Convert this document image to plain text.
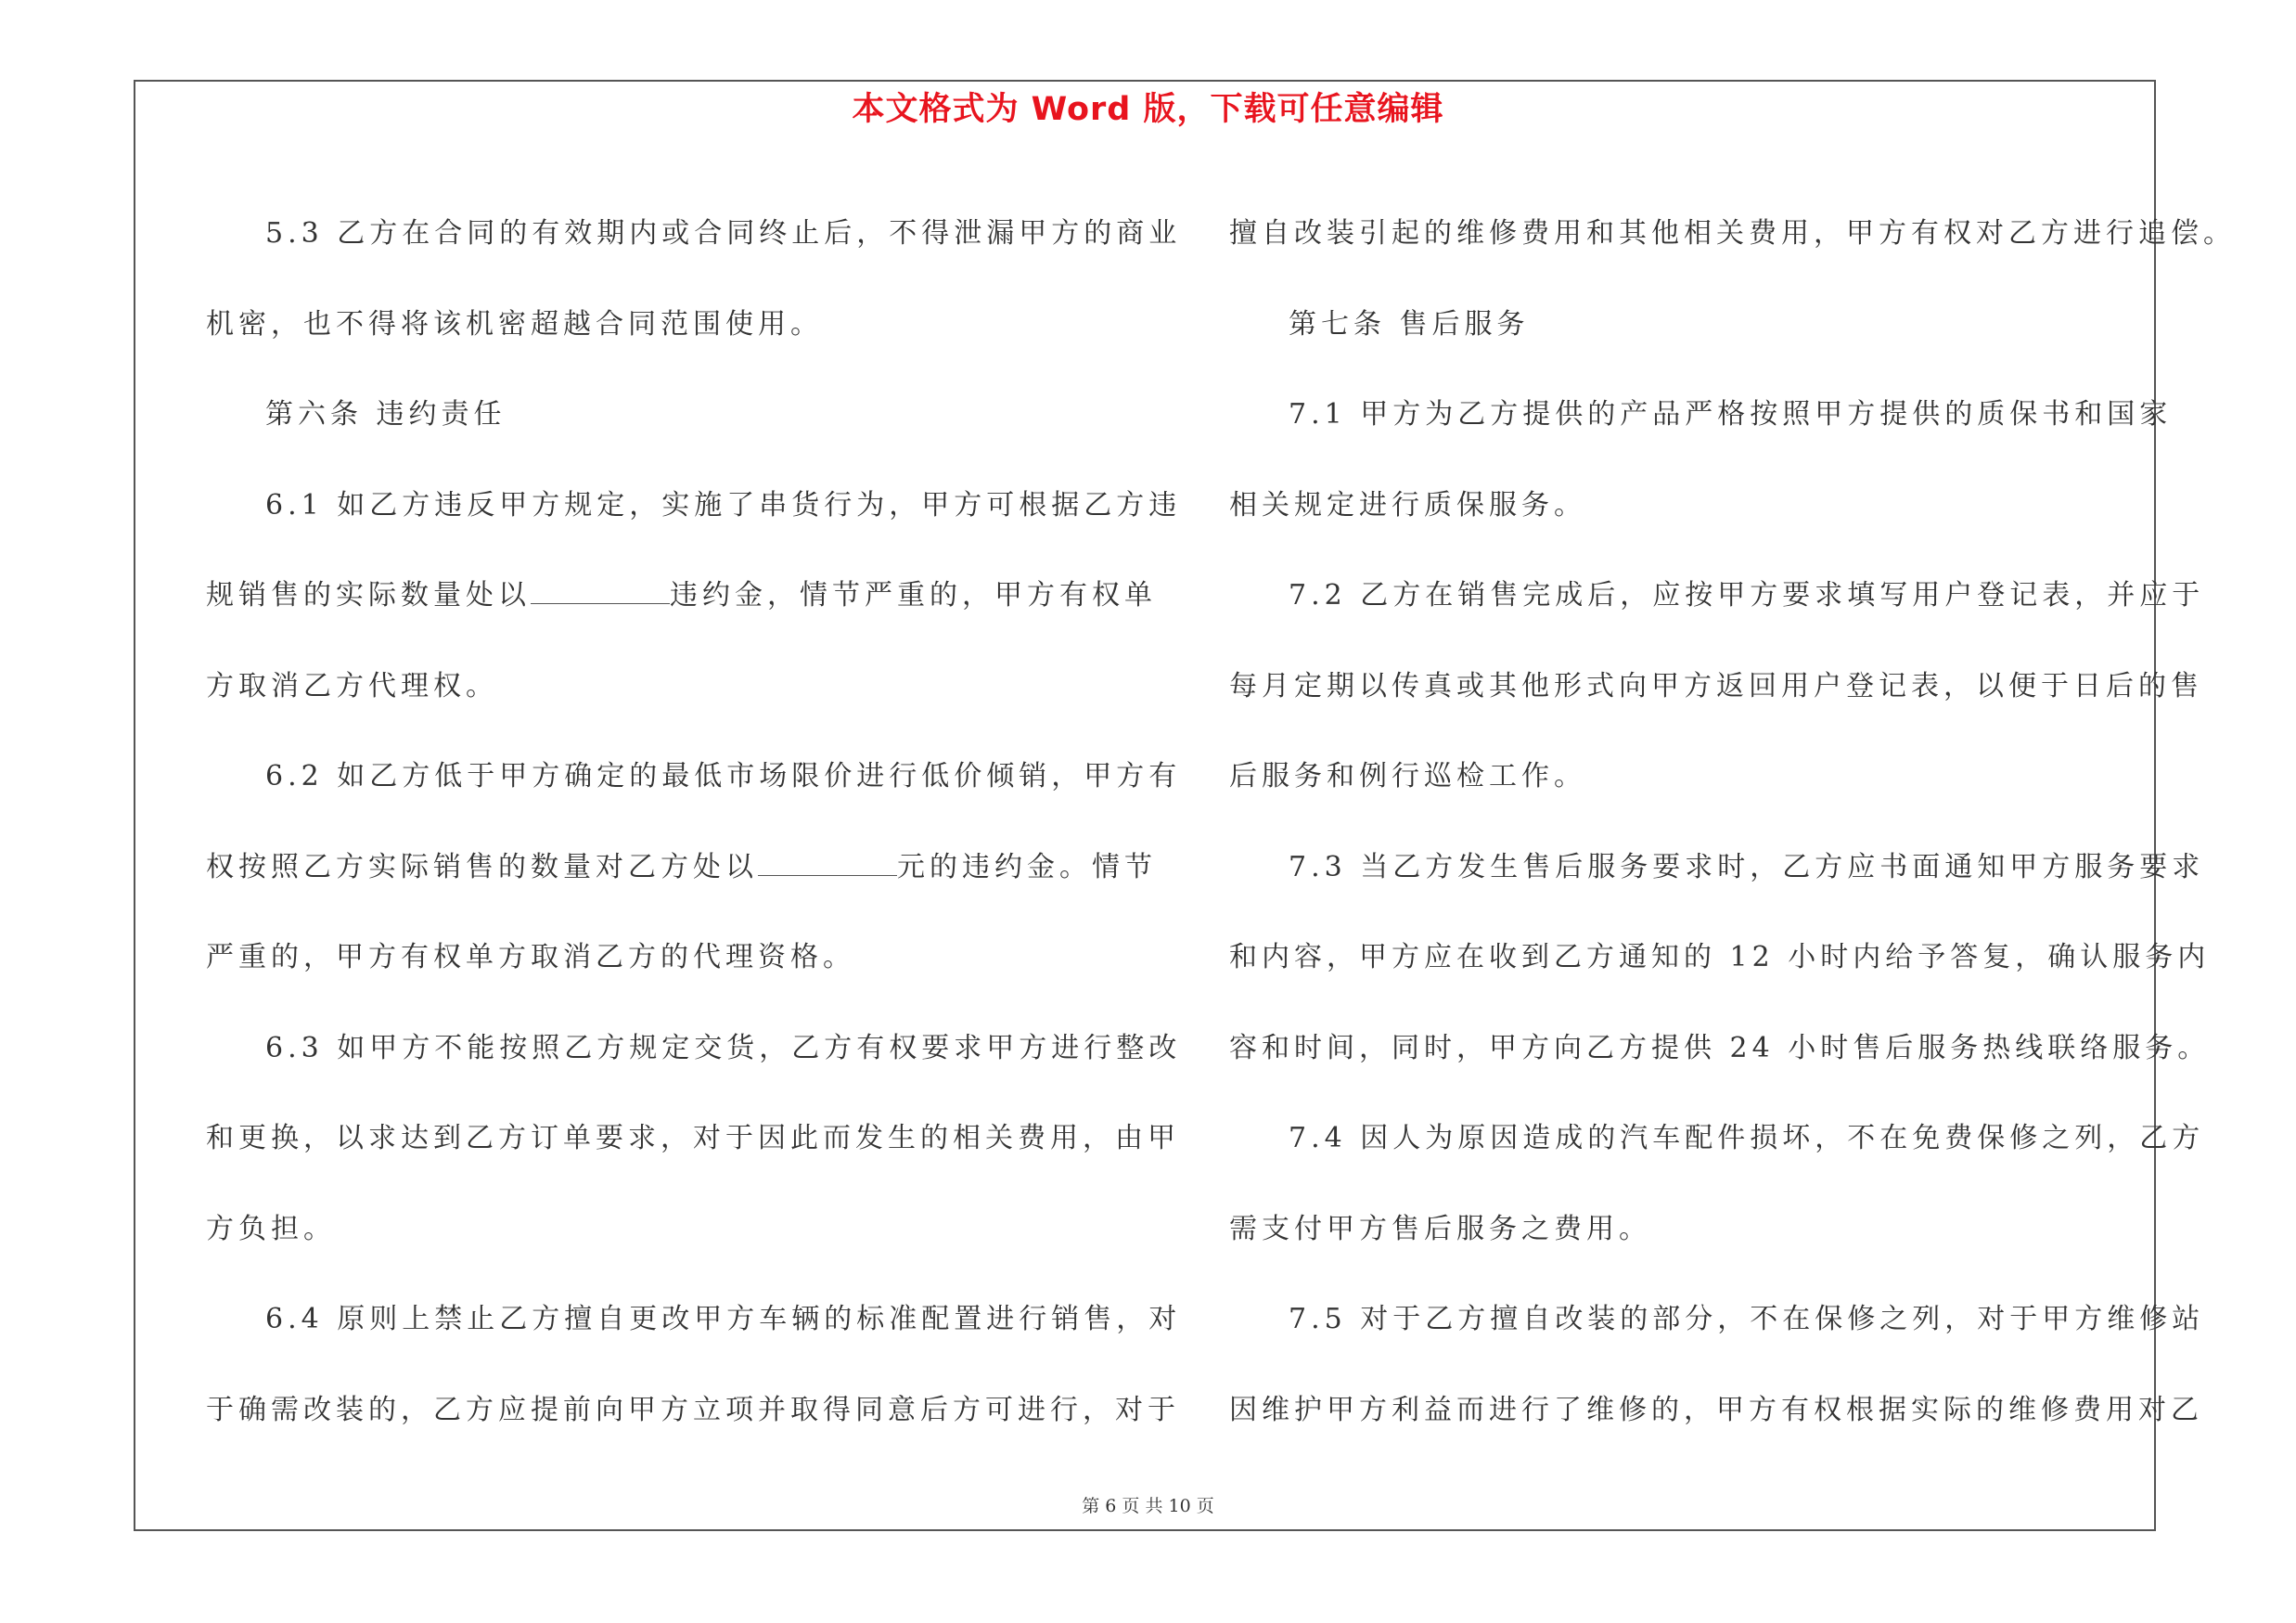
本文格式为 Word 版，下载可任意编辑
5.3 乙方在合同的有效期内或合同终止后，不得泄漏甲方的商业
机密，也不得将该机密超越合同范围使用。
第六条 违约责任
6.1 如乙方违反甲方规定，实施了串货行为，甲方可根据乙方违
规销售的实际数量处以	违约金，情节严重的，甲方有权单
方取消乙方代理权。
6.2 如乙方低于甲方确定的最低市场限价进行低价倾销，甲方有
权按照乙方实际销售的数量对乙方处以	元的违约金。情节
严重的，甲方有权单方取消乙方的代理资格。
6.3 如甲方不能按照乙方规定交货，乙方有权要求甲方进行整改
和更换，以求达到乙方订单要求，对于因此而发生的相关费用，由甲
方负担。
6.4 原则上禁止乙方擅自更改甲方车辆的标准配置进行销售，对
于确需改装的，乙方应提前向甲方立项并取得同意后方可进行，对于
擅自改装引起的维修费用和其他相关费用，甲方有权对乙方进行追偿。
第七条 售后服务
7.1 甲方为乙方提供的产品严格按照甲方提供的质保书和国家
相关规定进行质保服务。
7.2 乙方在销售完成后，应按甲方要求填写用户登记表，并应于
每月定期以传真或其他形式向甲方返回用户登记表，以便于日后的售
后服务和例行巡检工作。
7.3 当乙方发生售后服务要求时，乙方应书面通知甲方服务要求
和内容，甲方应在收到乙方通知的 12 小时内给予答复，确认服务内
容和时间，同时，甲方向乙方提供 24 小时售后服务热线联络服务。
7.4 因人为原因造成的汽车配件损坏，不在免费保修之列，乙方
需支付甲方售后服务之费用。
7.5 对于乙方擅自改装的部分，不在保修之列，对于甲方维修站
因维护甲方利益而进行了维修的，甲方有权根据实际的维修费用对乙
第 6 页 共 10 页
